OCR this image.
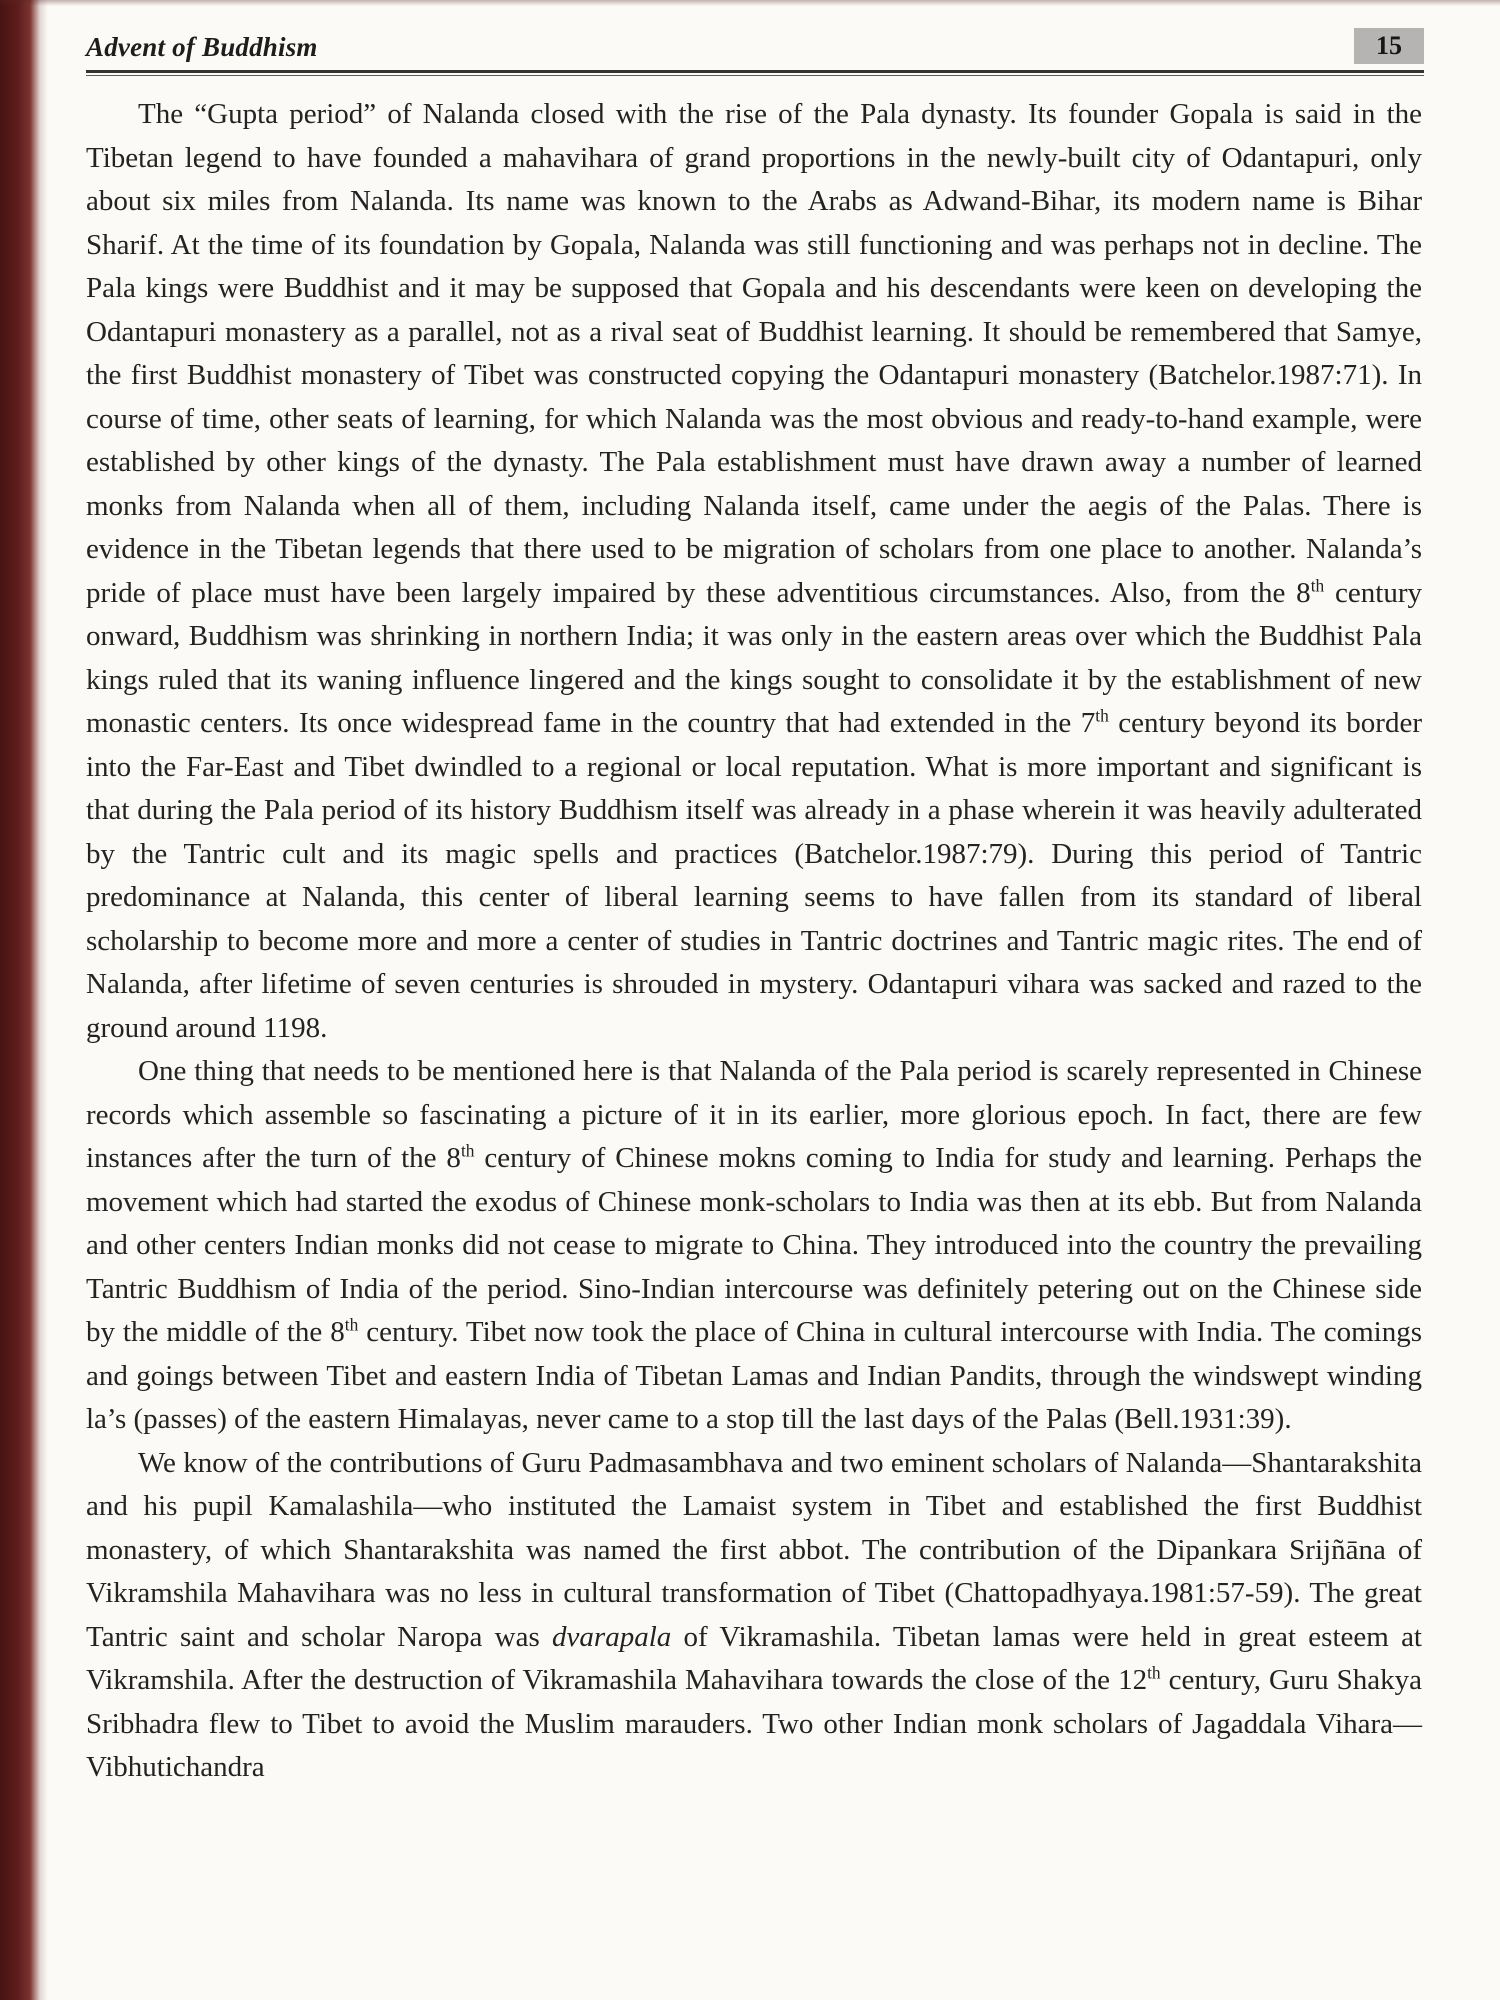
Advent of Buddhism	15

The “Gupta period” of Nalanda closed with the rise of the Pala dynasty. Its founder Gopala is said in the Tibetan legend to have founded a mahavihara of grand proportions in the newly-built city of Odantapuri, only about six miles from Nalanda. Its name was known to the Arabs as Adwand-Bihar, its modern name is Bihar Sharif. At the time of its foundation by Gopala, Nalanda was still functioning and was perhaps not in decline. The Pala kings were Buddhist and it may be supposed that Gopala and his descendants were keen on developing the Odantapuri monastery as a parallel, not as a rival seat of Buddhist learning. It should be remembered that Samye, the first Buddhist monastery of Tibet was constructed copying the Odantapuri monastery (Batchelor.1987:71). In course of time, other seats of learning, for which Nalanda was the most obvious and ready-to-hand example, were established by other kings of the dynasty. The Pala establishment must have drawn away a number of learned monks from Nalanda when all of them, including Nalanda itself, came under the aegis of the Palas. There is evidence in the Tibetan legends that there used to be migration of scholars from one place to another. Nalanda’s pride of place must have been largely impaired by these adventitious circumstances. Also, from the 8th century onward, Buddhism was shrinking in northern India; it was only in the eastern areas over which the Buddhist Pala kings ruled that its waning influence lingered and the kings sought to consolidate it by the establishment of new monastic centers. Its once widespread fame in the country that had extended in the 7th century beyond its border into the Far-East and Tibet dwindled to a regional or local reputation. What is more important and significant is that during the Pala period of its history Buddhism itself was already in a phase wherein it was heavily adulterated by the Tantric cult and its magic spells and practices (Batchelor.1987:79). During this period of Tantric predominance at Nalanda, this center of liberal learning seems to have fallen from its standard of liberal scholarship to become more and more a center of studies in Tantric doctrines and Tantric magic rites. The end of Nalanda, after lifetime of seven centuries is shrouded in mystery. Odantapuri vihara was sacked and razed to the ground around 1198.

One thing that needs to be mentioned here is that Nalanda of the Pala period is scarely represented in Chinese records which assemble so fascinating a picture of it in its earlier, more glorious epoch. In fact, there are few instances after the turn of the 8th century of Chinese mokns coming to India for study and learning. Perhaps the movement which had started the exodus of Chinese monk-scholars to India was then at its ebb. But from Nalanda and other centers Indian monks did not cease to migrate to China. They introduced into the country the prevailing Tantric Buddhism of India of the period. Sino-Indian intercourse was definitely petering out on the Chinese side by the middle of the 8th century. Tibet now took the place of China in cultural intercourse with India. The comings and goings between Tibet and eastern India of Tibetan Lamas and Indian Pandits, through the windswept winding la’s (passes) of the eastern Himalayas, never came to a stop till the last days of the Palas (Bell.1931:39).

We know of the contributions of Guru Padmasambhava and two eminent scholars of Nalanda—Shantarakshita and his pupil Kamalashila—who instituted the Lamaist system in Tibet and established the first Buddhist monastery, of which Shantarakshita was named the first abbot. The contribution of the Dipankara Srijñāna of Vikramshila Mahavihara was no less in cultural transformation of Tibet (Chattopadhyaya.1981:57-59). The great Tantric saint and scholar Naropa was dvarapala of Vikramashila. Tibetan lamas were held in great esteem at Vikramshila. After the destruction of Vikramashila Mahavihara towards the close of the 12th century, Guru Shakya Sribhadra flew to Tibet to avoid the Muslim marauders. Two other Indian monk scholars of Jagaddala Vihara—Vibhutichandra
